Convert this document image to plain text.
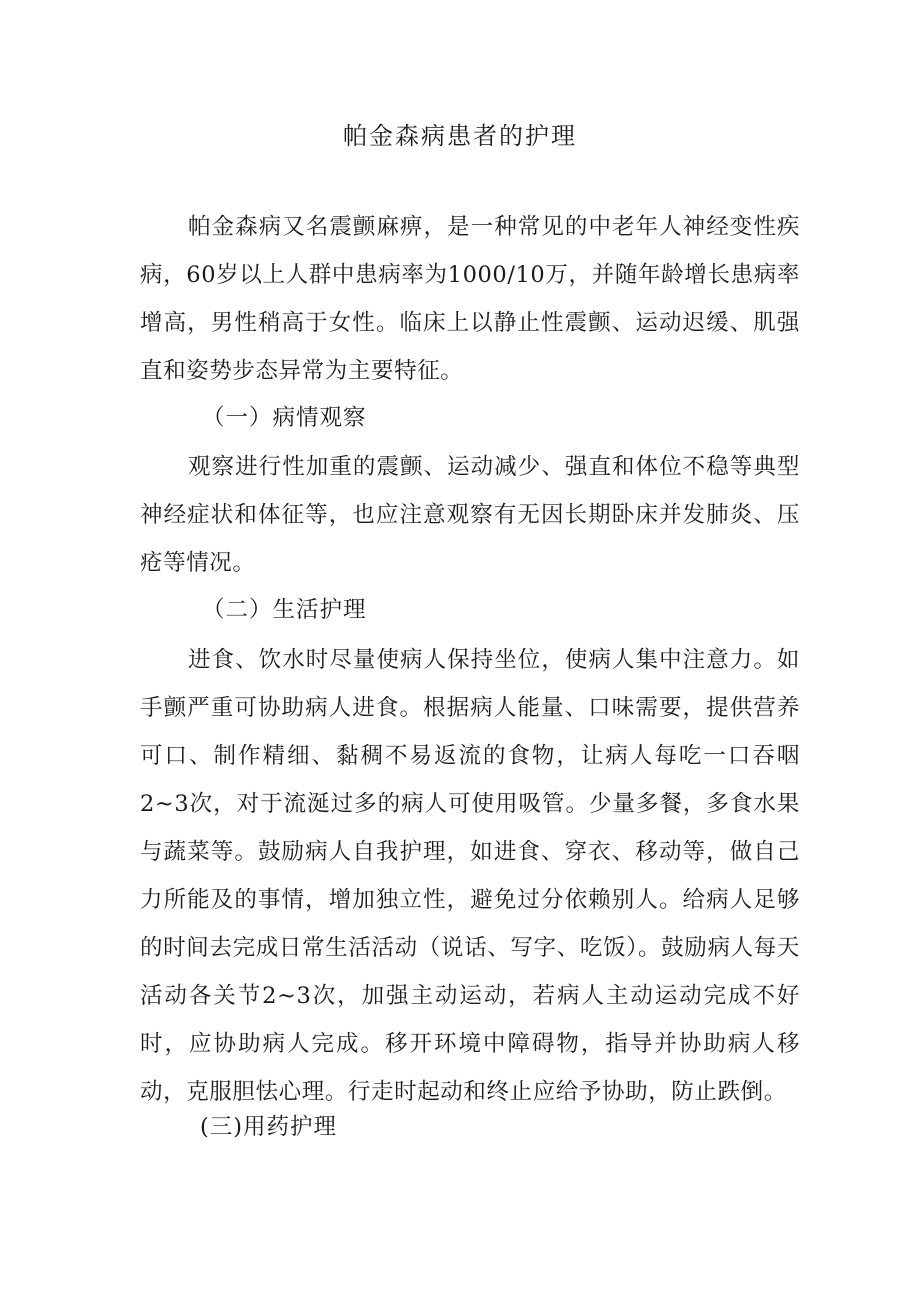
帕金森病患者的护理

帕金森病又名震颤麻痹，是一种常见的中老年人神经变性疾病，60岁以上人群中患病率为1000/10万，并随年龄增长患病率增高，男性稍高于女性。临床上以静止性震颤、运动迟缓、肌强直和姿势步态异常为主要特征。

（一）病情观察

观察进行性加重的震颤、运动减少、强直和体位不稳等典型神经症状和体征等，也应注意观察有无因长期卧床并发肺炎、压疮等情况。

（二）生活护理

进食、饮水时尽量使病人保持坐位，使病人集中注意力。如手颤严重可协助病人进食。根据病人能量、口味需要，提供营养可口、制作精细、黏稠不易返流的食物，让病人每吃一口吞咽2~3次，对于流涎过多的病人可使用吸管。少量多餐，多食水果与蔬菜等。鼓励病人自我护理，如进食、穿衣、移动等，做自己力所能及的事情，增加独立性，避免过分依赖别人。给病人足够的时间去完成日常生活活动（说话、写字、吃饭）。鼓励病人每天活动各关节2~3次，加强主动运动，若病人主动运动完成不好时，应协助病人完成。移开环境中障碍物，指导并协助病人移动，克服胆怯心理。行走时起动和终止应给予协助，防止跌倒。

(三)用药护理
